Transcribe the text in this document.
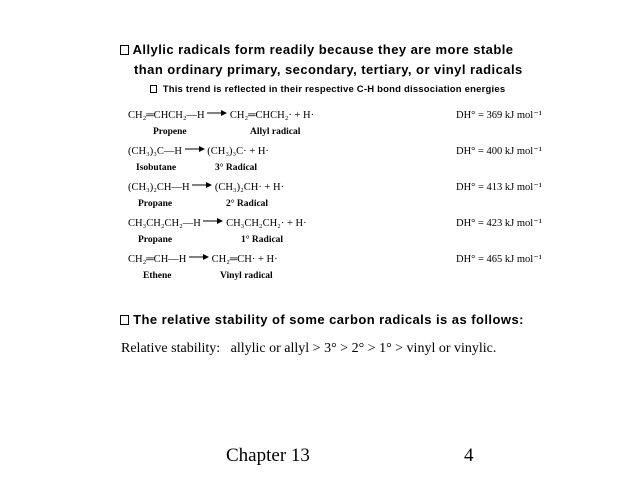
Allylic radicals form readily because they are more stable
than ordinary primary, secondary, tertiary, or vinyl radicals
This trend is reflected in their respective C-H bond dissociation energies
CH₂═CHCH₂—H CH₂═CHCH₂· + H·	DH° = 369 kJ mol⁻¹
Propene	Allyl radical
(CH₃)₃C—H (CH₃)₃C· + H·	DH° = 400 kJ mol⁻¹
Isobutane	3° Radical
(CH₃)₂CH—H (CH₃)₂CH· + H·	DH° = 413 kJ mol⁻¹
Propane	2° Radical
CH₃CH₂CH₂—H CH₃CH₂CH₂· + H·	DH° = 423 kJ mol⁻¹
Propane	1° Radical
CH₂═CH—H CH₂═CH· + H·	DH° = 465 kJ mol⁻¹
Ethene	Vinyl radical
The relative stability of some carbon radicals is as follows:
Relative stability:   allylic or allyl > 3° > 2° > 1° > vinyl or vinylic.
Chapter 13	4
